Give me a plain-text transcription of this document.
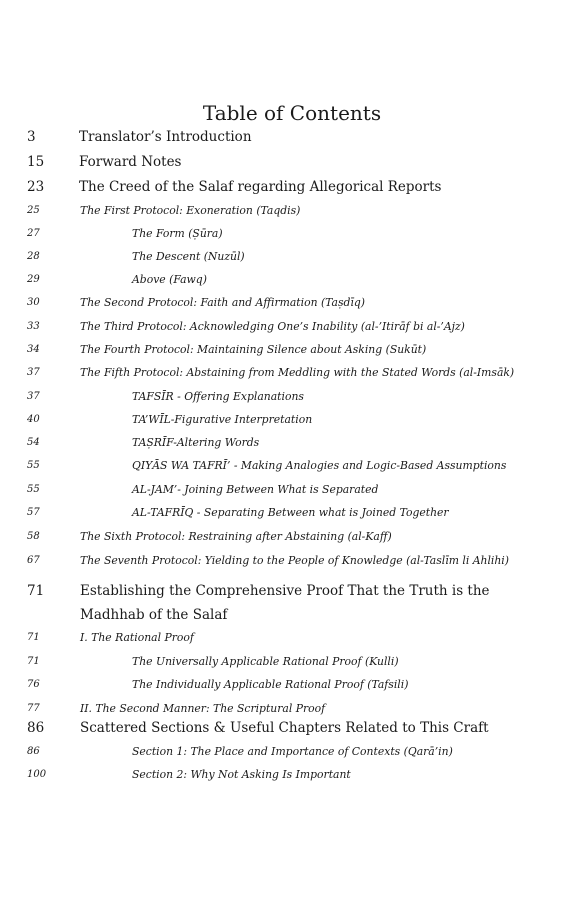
Table of Contents
3	Translator’s Introduction
15	Forward Notes
23	The Creed of the Salaf regarding Allegorical Reports
25	The First Protocol: Exoneration (Taqdis)
27	The Form (Ṣūra)
28	The Descent (Nuzūl)
29	Above (Fawq)
30	The Second Protocol: Faith and Affirmation (Taṣdīq)
33	The Third Protocol: Acknowledging One’s Inability (al-’Itirāf bi al-’Ajz)
34	The Fourth Protocol: Maintaining Silence about Asking (Sukūt)
37	The Fifth Protocol: Abstaining from Meddling with the Stated Words (al-Imsāk)
37	TAFSĪR - Offering Explanations
40	TA’WĪL-Figurative Interpretation
54	TAṢRĪF-Altering Words
55	QIYĀS WA TAFRĪ’ - Making Analogies and Logic-Based Assumptions
55	AL-JAM’- Joining Between What is Separated
57	AL-TAFRĪQ - Separating Between what is Joined Together
58	The Sixth Protocol: Restraining after Abstaining (al-Kaff)
67	The Seventh Protocol: Yielding to the People of Knowledge (al-Taslīm li Ahlihi)
71	Establishing the Comprehensive Proof That the Truth is the Madhhab of the Salaf
71	I. The Rational Proof
71	The Universally Applicable Rational Proof (Kulli)
76	The Individually Applicable Rational Proof (Tafsili)
77	II. The Second Manner: The Scriptural Proof
86	Scattered Sections & Useful Chapters Related to This Craft
86	Section 1: The Place and Importance of Contexts (Qarā’in)
100	Section 2: Why Not Asking Is Important
